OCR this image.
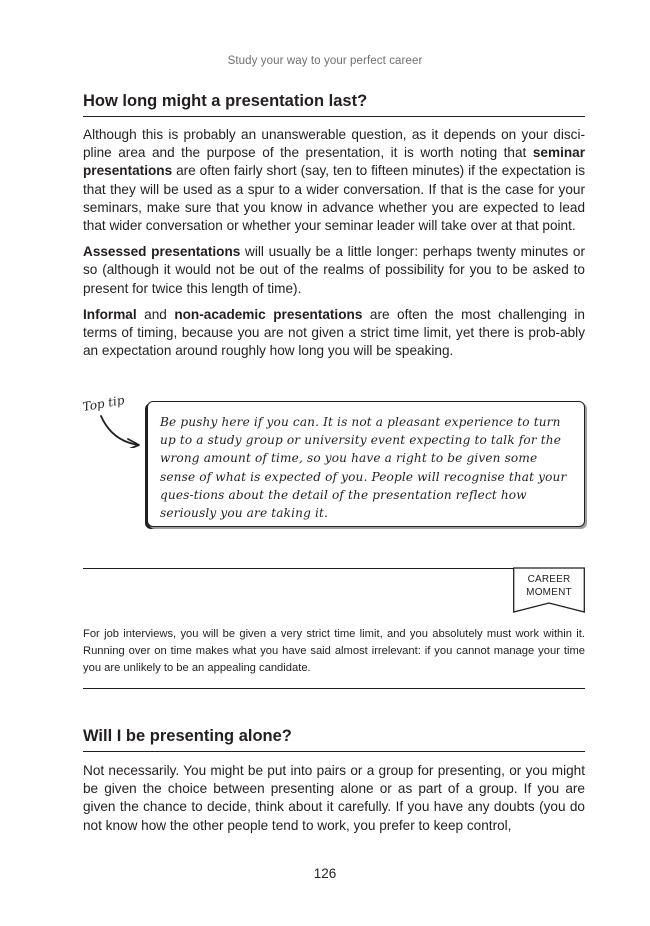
Study your way to your perfect career
How long might a presentation last?

Although this is probably an unanswerable question, as it depends on your disci-pline area and the purpose of the presentation, it is worth noting that seminar presentations are often fairly short (say, ten to fifteen minutes) if the expectation is that they will be used as a spur to a wider conversation. If that is the case for your seminars, make sure that you know in advance whether you are expected to lead that wider conversation or whether your seminar leader will take over at that point.

Assessed presentations will usually be a little longer: perhaps twenty minutes or so (although it would not be out of the realms of possibility for you to be asked to present for twice this length of time).

Informal and non-academic presentations are often the most challenging in terms of timing, because you are not given a strict time limit, yet there is prob-ably an expectation around roughly how long you will be speaking.

Top tip

Be pushy here if you can. It is not a pleasant experience to turn up to a study group or university event expecting to talk for the wrong amount of time, so you have a right to be given some sense of what is expected of you. People will recognise that your ques-tions about the detail of the presentation reflect how seriously you are taking it.

CAREER
MOMENT

For job interviews, you will be given a very strict time limit, and you absolutely must work within it. Running over on time makes what you have said almost irrelevant: if you cannot manage your time you are unlikely to be an appealing candidate.

Will I be presenting alone?

Not necessarily. You might be put into pairs or a group for presenting, or you might be given the choice between presenting alone or as part of a group. If you are given the chance to decide, think about it carefully. If you have any doubts (you do not know how the other people tend to work, you prefer to keep control,

126
